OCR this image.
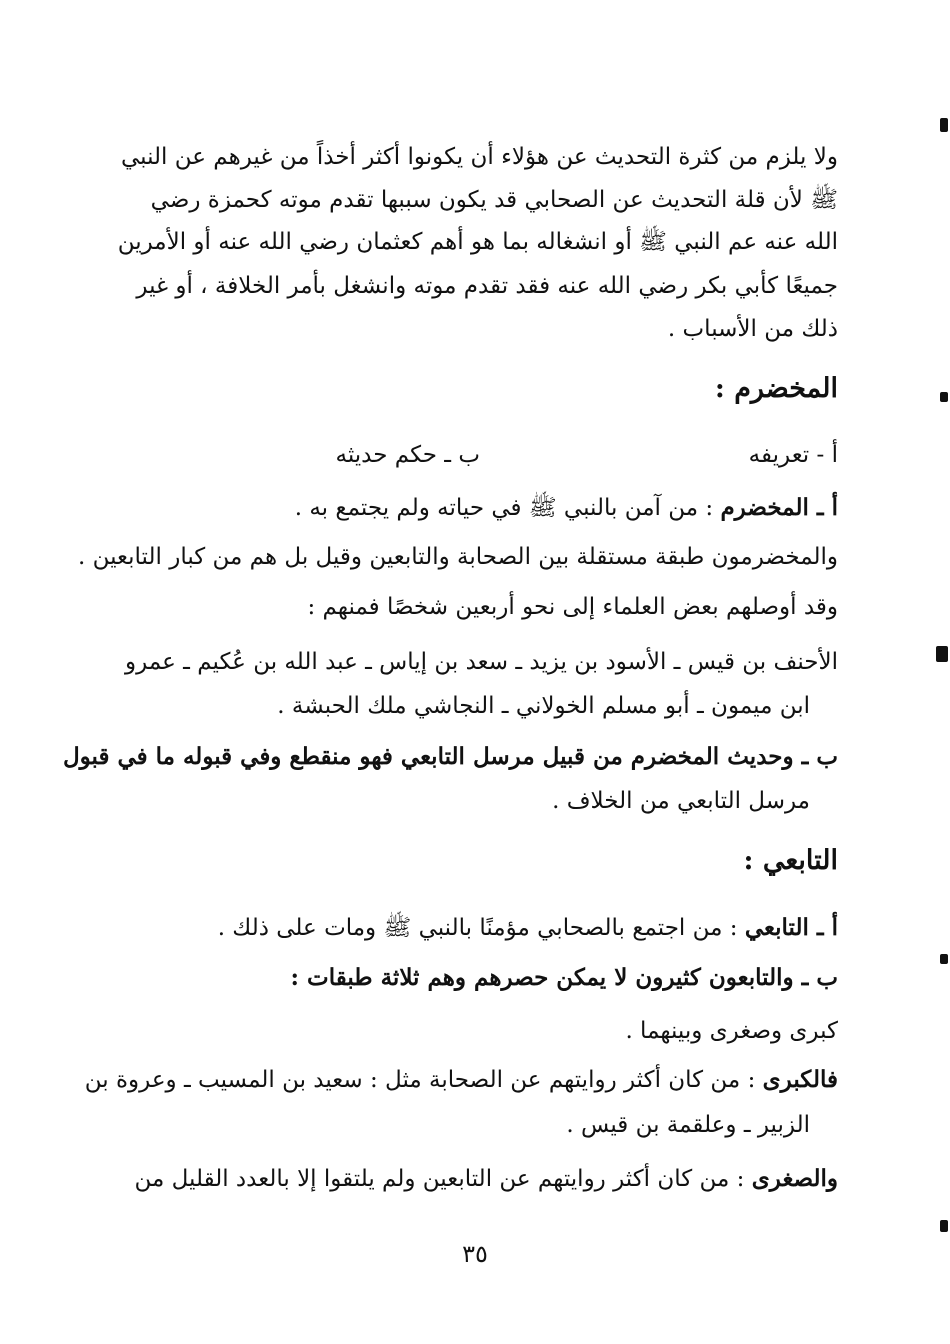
ولا يلزم من كثرة التحديث عن هؤلاء أن يكونوا أكثر أخذاً من غيرهم عن النبي
ﷺ لأن قلة التحديث عن الصحابي قد يكون سببها تقدم موته كحمزة رضي
الله عنه عم النبي ﷺ أو انشغاله بما هو أهم كعثمان رضي الله عنه أو الأمرين
جميعًا كأبي بكر رضي الله عنه فقد تقدم موته وانشغل بأمر الخلافة ، أو غير
ذلك من الأسباب .
المخضرم :
أ - تعريفه
ب ـ حكم حديثه
أ ـ المخضرم : من آمن بالنبي ﷺ في حياته ولم يجتمع به .
والمخضرمون طبقة مستقلة بين الصحابة والتابعين وقيل بل هم من كبار التابعين .
وقد أوصلهم بعض العلماء إلى نحو أربعين شخصًا فمنهم :
الأحنف بن قيس ـ الأسود بن يزيد ـ سعد بن إياس ـ عبد الله بن عُكيم ـ عمرو
ابن ميمون ـ أبو مسلم الخولاني ـ النجاشي ملك الحبشة .
ب ـ وحديث المخضرم من قبيل مرسل التابعي فهو منقطع وفي قبوله ما في قبول
مرسل التابعي من الخلاف .
التابعي :
أ ـ التابعي : من اجتمع بالصحابي مؤمنًا بالنبي ﷺ ومات على ذلك .
ب ـ والتابعون كثيرون لا يمكن حصرهم وهم ثلاثة طبقات :
كبرى وصغرى وبينهما .
فالكبرى : من كان أكثر روايتهم عن الصحابة مثل : سعيد بن المسيب ـ وعروة بن
الزبير ـ وعلقمة بن قيس .
والصغرى : من كان أكثر روايتهم عن التابعين ولم يلتقوا إلا بالعدد القليل من
٣٥
